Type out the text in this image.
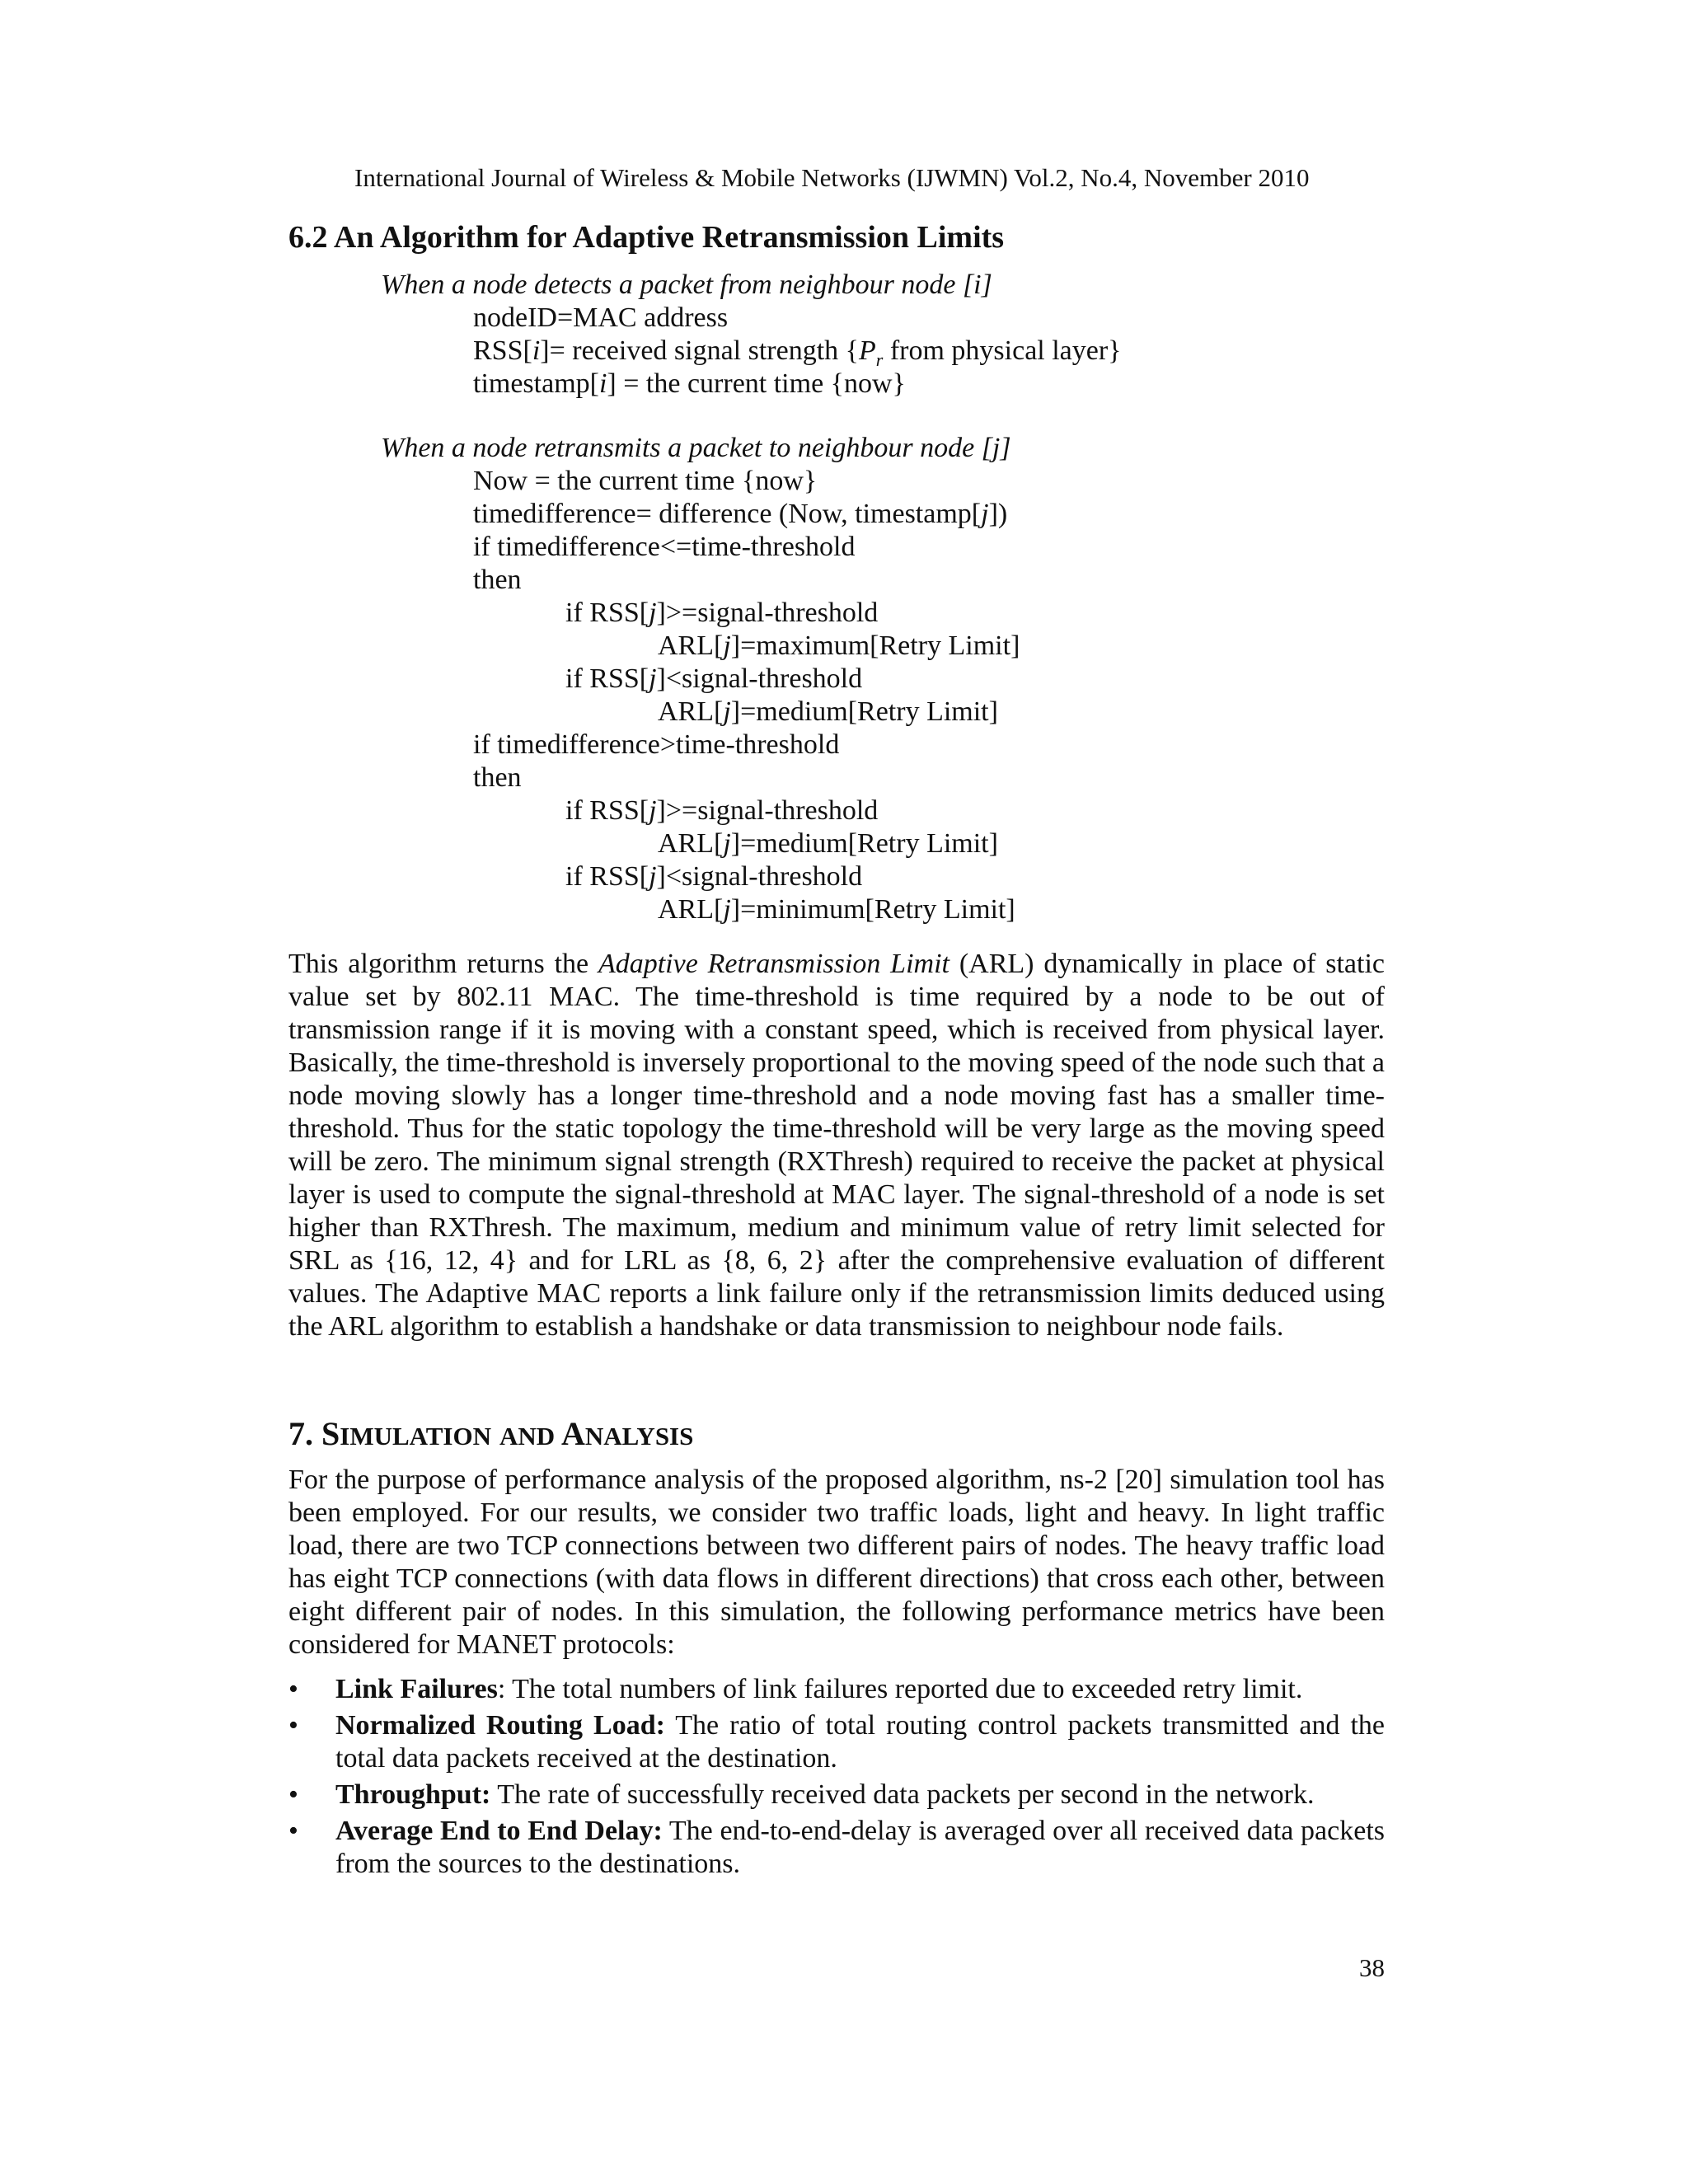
International Journal of Wireless & Mobile Networks (IJWMN) Vol.2, No.4, November 2010
6.2 An Algorithm for Adaptive Retransmission Limits
When a node detects a packet from neighbour node [i]
nodeID=MAC address
RSS[i]= received signal strength {$P_r$ from physical layer}
timestamp[i] = the current time {now}
When a node retransmits a packet to neighbour node [j]
Now = the current time {now}
timedifference= difference (Now, timestamp[j])
if timedifference<=time-threshold
then
if RSS[j]>=signal-threshold
ARL[j]=maximum[Retry Limit]
if RSS[j]<signal-threshold
ARL[j]=medium[Retry Limit]
if timedifference>time-threshold
then
if RSS[j]>=signal-threshold
ARL[j]=medium[Retry Limit]
if RSS[j]<signal-threshold
ARL[j]=minimum[Retry Limit]

This algorithm returns the Adaptive Retransmission Limit (ARL) dynamically in place of static value set by 802.11 MAC. The time-threshold is time required by a node to be out of transmission range if it is moving with a constant speed, which is received from physical layer. Basically, the time-threshold is inversely proportional to the moving speed of the node such that a node moving slowly has a longer time-threshold and a node moving fast has a smaller time-threshold. Thus for the static topology the time-threshold will be very large as the moving speed will be zero. The minimum signal strength (RXThresh) required to receive the packet at physical layer is used to compute the signal-threshold at MAC layer. The signal-threshold of a node is set higher than RXThresh. The maximum, medium and minimum value of retry limit selected for SRL as {16, 12, 4} and for LRL as {8, 6, 2} after the comprehensive evaluation of different values. The Adaptive MAC reports a link failure only if the retransmission limits deduced using the ARL algorithm to establish a handshake or data transmission to neighbour node fails.

7. SIMULATION AND ANALYSIS

For the purpose of performance analysis of the proposed algorithm, ns-2 [20] simulation tool has been employed. For our results, we consider two traffic loads, light and heavy. In light traffic load, there are two TCP connections between two different pairs of nodes. The heavy traffic load has eight TCP connections (with data flows in different directions) that cross each other, between eight different pair of nodes. In this simulation, the following performance metrics have been considered for MANET protocols:

•	Link Failures: The total numbers of link failures reported due to exceeded retry limit.
•	Normalized Routing Load: The ratio of total routing control packets transmitted and the total data packets received at the destination.
•	Throughput: The rate of successfully received data packets per second in the network.
•	Average End to End Delay: The end-to-end-delay is averaged over all received data packets from the sources to the destinations.
38
